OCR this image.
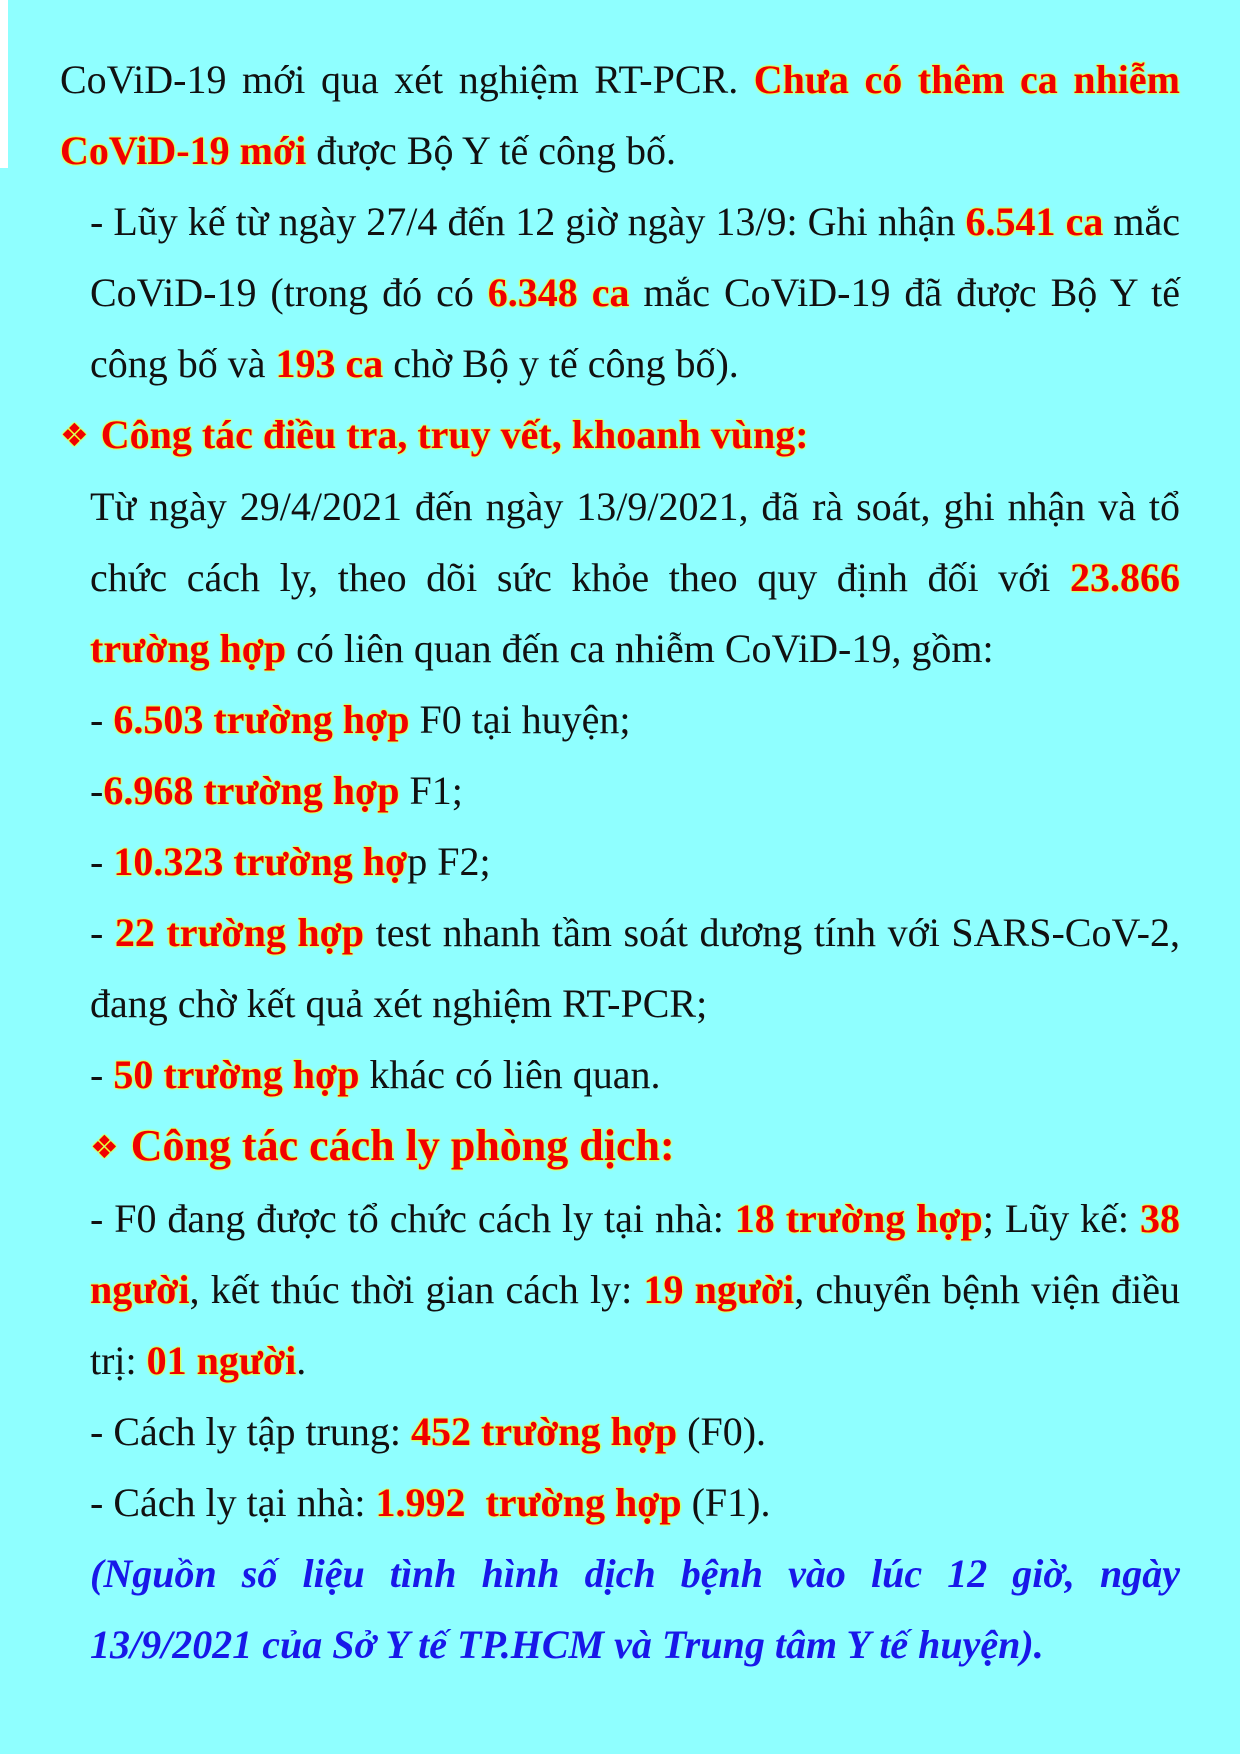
CoViD-19 mới qua xét nghiệm RT-PCR. Chưa có thêm ca nhiễm CoViD-19 mới được Bộ Y tế công bố.

- Lũy kế từ ngày 27/4 đến 12 giờ ngày 13/9: Ghi nhận 6.541 ca mắc CoViD-19 (trong đó có 6.348 ca mắc CoViD-19 đã được Bộ Y tế công bố và 193 ca chờ Bộ y tế công bố).

❖ Công tác điều tra, truy vết, khoanh vùng:

Từ ngày 29/4/2021 đến ngày 13/9/2021, đã rà soát, ghi nhận và tổ chức cách ly, theo dõi sức khỏe theo quy định đối với 23.866 trường hợp có liên quan đến ca nhiễm CoViD-19, gồm:

- 6.503 trường hợp F0 tại huyện;

-6.968 trường hợp F1;

- 10.323 trường hợp F2;

- 22 trường hợp test nhanh tầm soát dương tính với SARS-CoV-2, đang chờ kết quả xét nghiệm RT-PCR;

- 50 trường hợp khác có liên quan.

❖ Công tác cách ly phòng dịch:

- F0 đang được tổ chức cách ly tại nhà: 18 trường hợp; Lũy kế: 38 người, kết thúc thời gian cách ly: 19 người, chuyển bệnh viện điều trị: 01 người.

- Cách ly tập trung: 452 trường hợp (F0).

- Cách ly tại nhà: 1.992  trường hợp (F1).

(Nguồn số liệu tình hình dịch bệnh vào lúc 12 giờ, ngày 13/9/2021 của Sở Y tế TP.HCM và Trung tâm Y tế huyện).
